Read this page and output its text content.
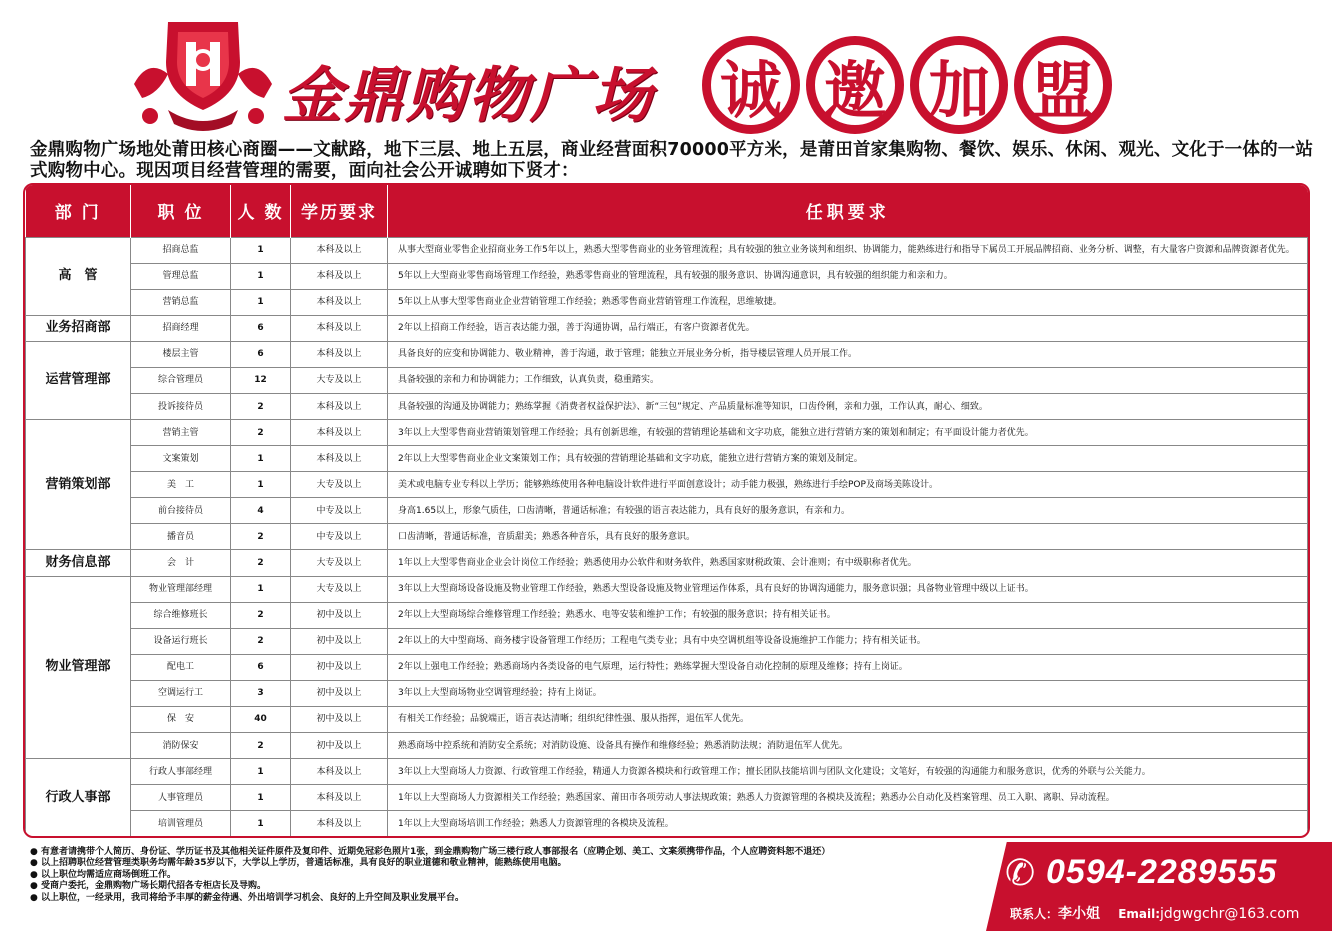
金鼎购物广场 诚 邀 加 盟
金鼎购物广场地处莆田核心商圈——文献路，地下三层、地上五层，商业经营面积70000平方米，是莆田首家集购物、餐饮、娱乐、休闲、观光、文化于一体的一站式购物中心。现因项目经营管理的需要，面向社会公开诚聘如下贤才：
部 门	职 位	人 数	学历要求	任职要求
高　管	招商总监	1	本科及以上	从事大型商业零售企业招商业务工作5年以上，熟悉大型零售商业的业务管理流程；具有较强的独立业务谈判和组织、协调能力，能熟练进行和指导下属员工开展品牌招商、业务分析、调整，有大量客户资源和品牌资源者优先。
	管理总监	1	本科及以上	5年以上大型商业零售商场管理工作经验，熟悉零售商业的管理流程，具有较强的服务意识、协调沟通意识，具有较强的组织能力和亲和力。
	营销总监	1	本科及以上	5年以上从事大型零售商业企业营销管理工作经验；熟悉零售商业营销管理工作流程，思维敏捷。
业务招商部	招商经理	6	本科及以上	2年以上招商工作经验，语言表达能力强，善于沟通协调，品行端正，有客户资源者优先。
运营管理部	楼层主管	6	本科及以上	具备良好的应变和协调能力、敬业精神，善于沟通，敢于管理；能独立开展业务分析，指导楼层管理人员开展工作。
	综合管理员	12	大专及以上	具备较强的亲和力和协调能力；工作细致，认真负责，稳重踏实。
	投诉接待员	2	本科及以上	具备较强的沟通及协调能力；熟练掌握《消费者权益保护法》、新“三包”规定、产品质量标准等知识，口齿伶俐，亲和力强，工作认真，耐心、细致。
营销策划部	营销主管	2	本科及以上	3年以上大型零售商业营销策划管理工作经验；具有创新思维，有较强的营销理论基础和文字功底，能独立进行营销方案的策划和制定；有平面设计能力者优先。
	文案策划	1	本科及以上	2年以上大型零售商业企业文案策划工作；具有较强的营销理论基础和文字功底，能独立进行营销方案的策划及制定。
	美　工	1	大专及以上	美术或电脑专业专科以上学历；能够熟练使用各种电脑设计软件进行平面创意设计；动手能力极强，熟练进行手绘POP及商场美陈设计。
	前台接待员	4	中专及以上	身高1.65以上，形象气质佳，口齿清晰，普通话标准；有较强的语言表达能力，具有良好的服务意识，有亲和力。
	播音员	2	中专及以上	口齿清晰，普通话标准，音质甜美；熟悉各种音乐，具有良好的服务意识。
财务信息部	会　计	2	大专及以上	1年以上大型零售商业企业会计岗位工作经验；熟悉使用办公软件和财务软件，熟悉国家财税政策、会计准则；有中级职称者优先。
物业管理部	物业管理部经理	1	大专及以上	3年以上大型商场设备设施及物业管理工作经验，熟悉大型设备设施及物业管理运作体系，具有良好的协调沟通能力，服务意识强；具备物业管理中级以上证书。
	综合维修班长	2	初中及以上	2年以上大型商场综合维修管理工作经验；熟悉水、电等安装和维护工作；有较强的服务意识；持有相关证书。
	设备运行班长	2	初中及以上	2年以上的大中型商场、商务楼宇设备管理工作经历；工程电气类专业；具有中央空调机组等设备设施维护工作能力；持有相关证书。
	配电工	6	初中及以上	2年以上强电工作经验；熟悉商场内各类设备的电气原理，运行特性；熟练掌握大型设备自动化控制的原理及维修；持有上岗证。
	空调运行工	3	初中及以上	3年以上大型商场物业空调管理经验；持有上岗证。
	保　安	40	初中及以上	有相关工作经验；品貌端正，语言表达清晰；组织纪律性强、服从指挥，退伍军人优先。
	消防保安	2	初中及以上	熟悉商场中控系统和消防安全系统；对消防设施、设备具有操作和维修经验；熟悉消防法规；消防退伍军人优先。
行政人事部	行政人事部经理	1	本科及以上	3年以上大型商场人力资源、行政管理工作经验，精通人力资源各模块和行政管理工作；擅长团队技能培训与团队文化建设；文笔好，有较强的沟通能力和服务意识，优秀的外联与公关能力。
	人事管理员	1	本科及以上	1年以上大型商场人力资源相关工作经验；熟悉国家、莆田市各项劳动人事法规政策；熟悉人力资源管理的各模块及流程；熟悉办公自动化及档案管理、员工入职、离职、异动流程。
	培训管理员	1	本科及以上	1年以上大型商场培训工作经验；熟悉人力资源管理的各模块及流程。
● 有意者请携带个人简历、身份证、学历证书及其他相关证件原件及复印件、近期免冠彩色照片1张，到金鼎购物广场三楼行政人事部报名（应聘企划、美工、文案须携带作品，个人应聘资料恕不退还）
● 以上招聘职位经营管理类职务均需年龄35岁以下，大学以上学历，普通话标准，具有良好的职业道德和敬业精神，能熟练使用电脑。
● 以上职位均需适应商场倒班工作。
● 受商户委托，金鼎购物广场长期代招各专柜店长及导购。
● 以上职位，一经录用，我司将给予丰厚的薪金待遇、外出培训学习机会、良好的上升空间及职业发展平台。
✆ 0594-2289555
联系人：李小姐 Email:jdgwgchr@163.com
